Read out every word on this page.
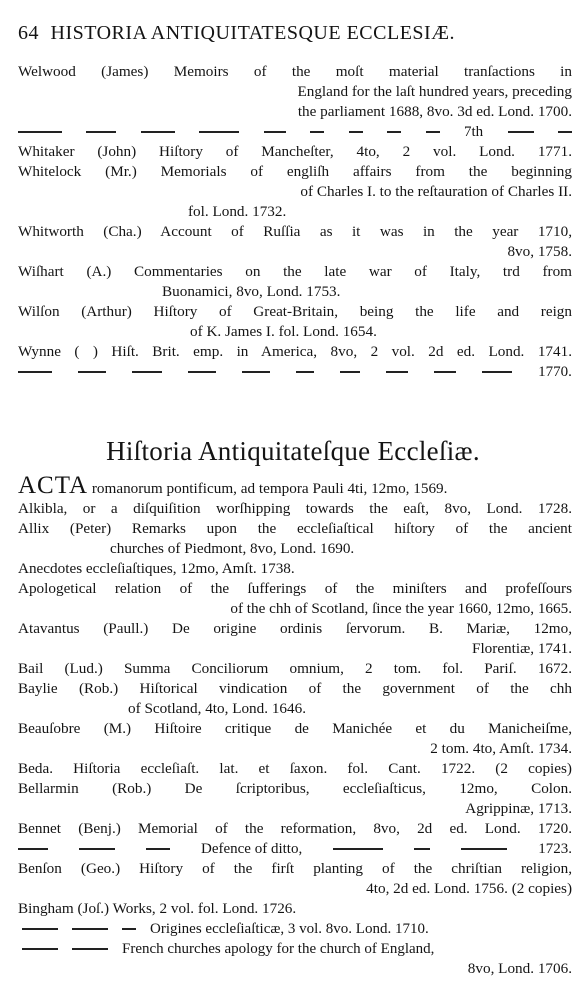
64 HISTORIA ANTIQUITATESQUE ECCLESIÆ.
Welwood (James) Memoirs of the moſt material tranſactions in
England for the laſt hundred years, preceding
the parliament 1688, 8vo. 3d ed. Lond. 1700.
7th
Whitaker (John) Hiſtory of Mancheſter, 4to, 2 vol. Lond. 1771.
Whitelock (Mr.) Memorials of engliſh affairs from the beginning
of Charles I. to the reſtauration of Charles II.
fol. Lond. 1732.
Whitworth (Cha.) Account of Ruſſia as it was in the year 1710,
8vo, 1758.
Wiſhart (A.) Commentaries on the late war of Italy, trd from
Buonamici, 8vo, Lond. 1753.
Wilſon (Arthur) Hiſtory of Great-Britain, being the life and reign
of K. James I. fol. Lond. 1654.
Wynne ( ) Hiſt. Brit. emp. in America, 8vo, 2 vol. 2d ed. Lond. 1741.
1770.
Hiſtoria Antiquitateſque Eccleſiæ.
ACTA romanorum pontificum, ad tempora Pauli 4ti, 12mo, 1569.
Alkibla, or a diſquiſition worſhipping towards the eaſt, 8vo, Lond. 1728.
Allix (Peter) Remarks upon the eccleſiaſtical hiſtory of the ancient
churches of Piedmont, 8vo, Lond. 1690.
Anecdotes eccleſiaſtiques, 12mo, Amſt. 1738.
Apologetical relation of the ſufferings of the miniſters and profeſſours
of the chh of Scotland, ſince the year 1660, 12mo, 1665.
Atavantus (Paull.) De origine ordinis ſervorum. B. Mariæ, 12mo,
Florentiæ, 1741.
Bail (Lud.) Summa Conciliorum omnium, 2 tom. fol. Pariſ. 1672.
Baylie (Rob.) Hiſtorical vindication of the government of the chh
of Scotland, 4to, Lond. 1646.
Beauſobre (M.) Hiſtoire critique de Manichée et du Manicheiſme,
2 tom. 4to, Amſt. 1734.
Beda. Hiſtoria eccleſiaſt. lat. et ſaxon. fol. Cant. 1722. (2 copies)
Bellarmin (Rob.) De ſcriptoribus, eccleſiaſticus, 12mo, Colon.
Agrippinæ, 1713.
Bennet (Benj.) Memorial of the reformation, 8vo, 2d ed. Lond. 1720.
Defence of ditto,	1723.
Benſon (Geo.) Hiſtory of the firſt planting of the chriſtian religion,
4to, 2d ed. Lond. 1756. (2 copies)
Bingham (Joſ.) Works, 2 vol. fol. Lond. 1726.
Origines eccleſiaſticæ, 3 vol. 8vo. Lond. 1710.
French churches apology for the church of England,
8vo, Lond. 1706.
